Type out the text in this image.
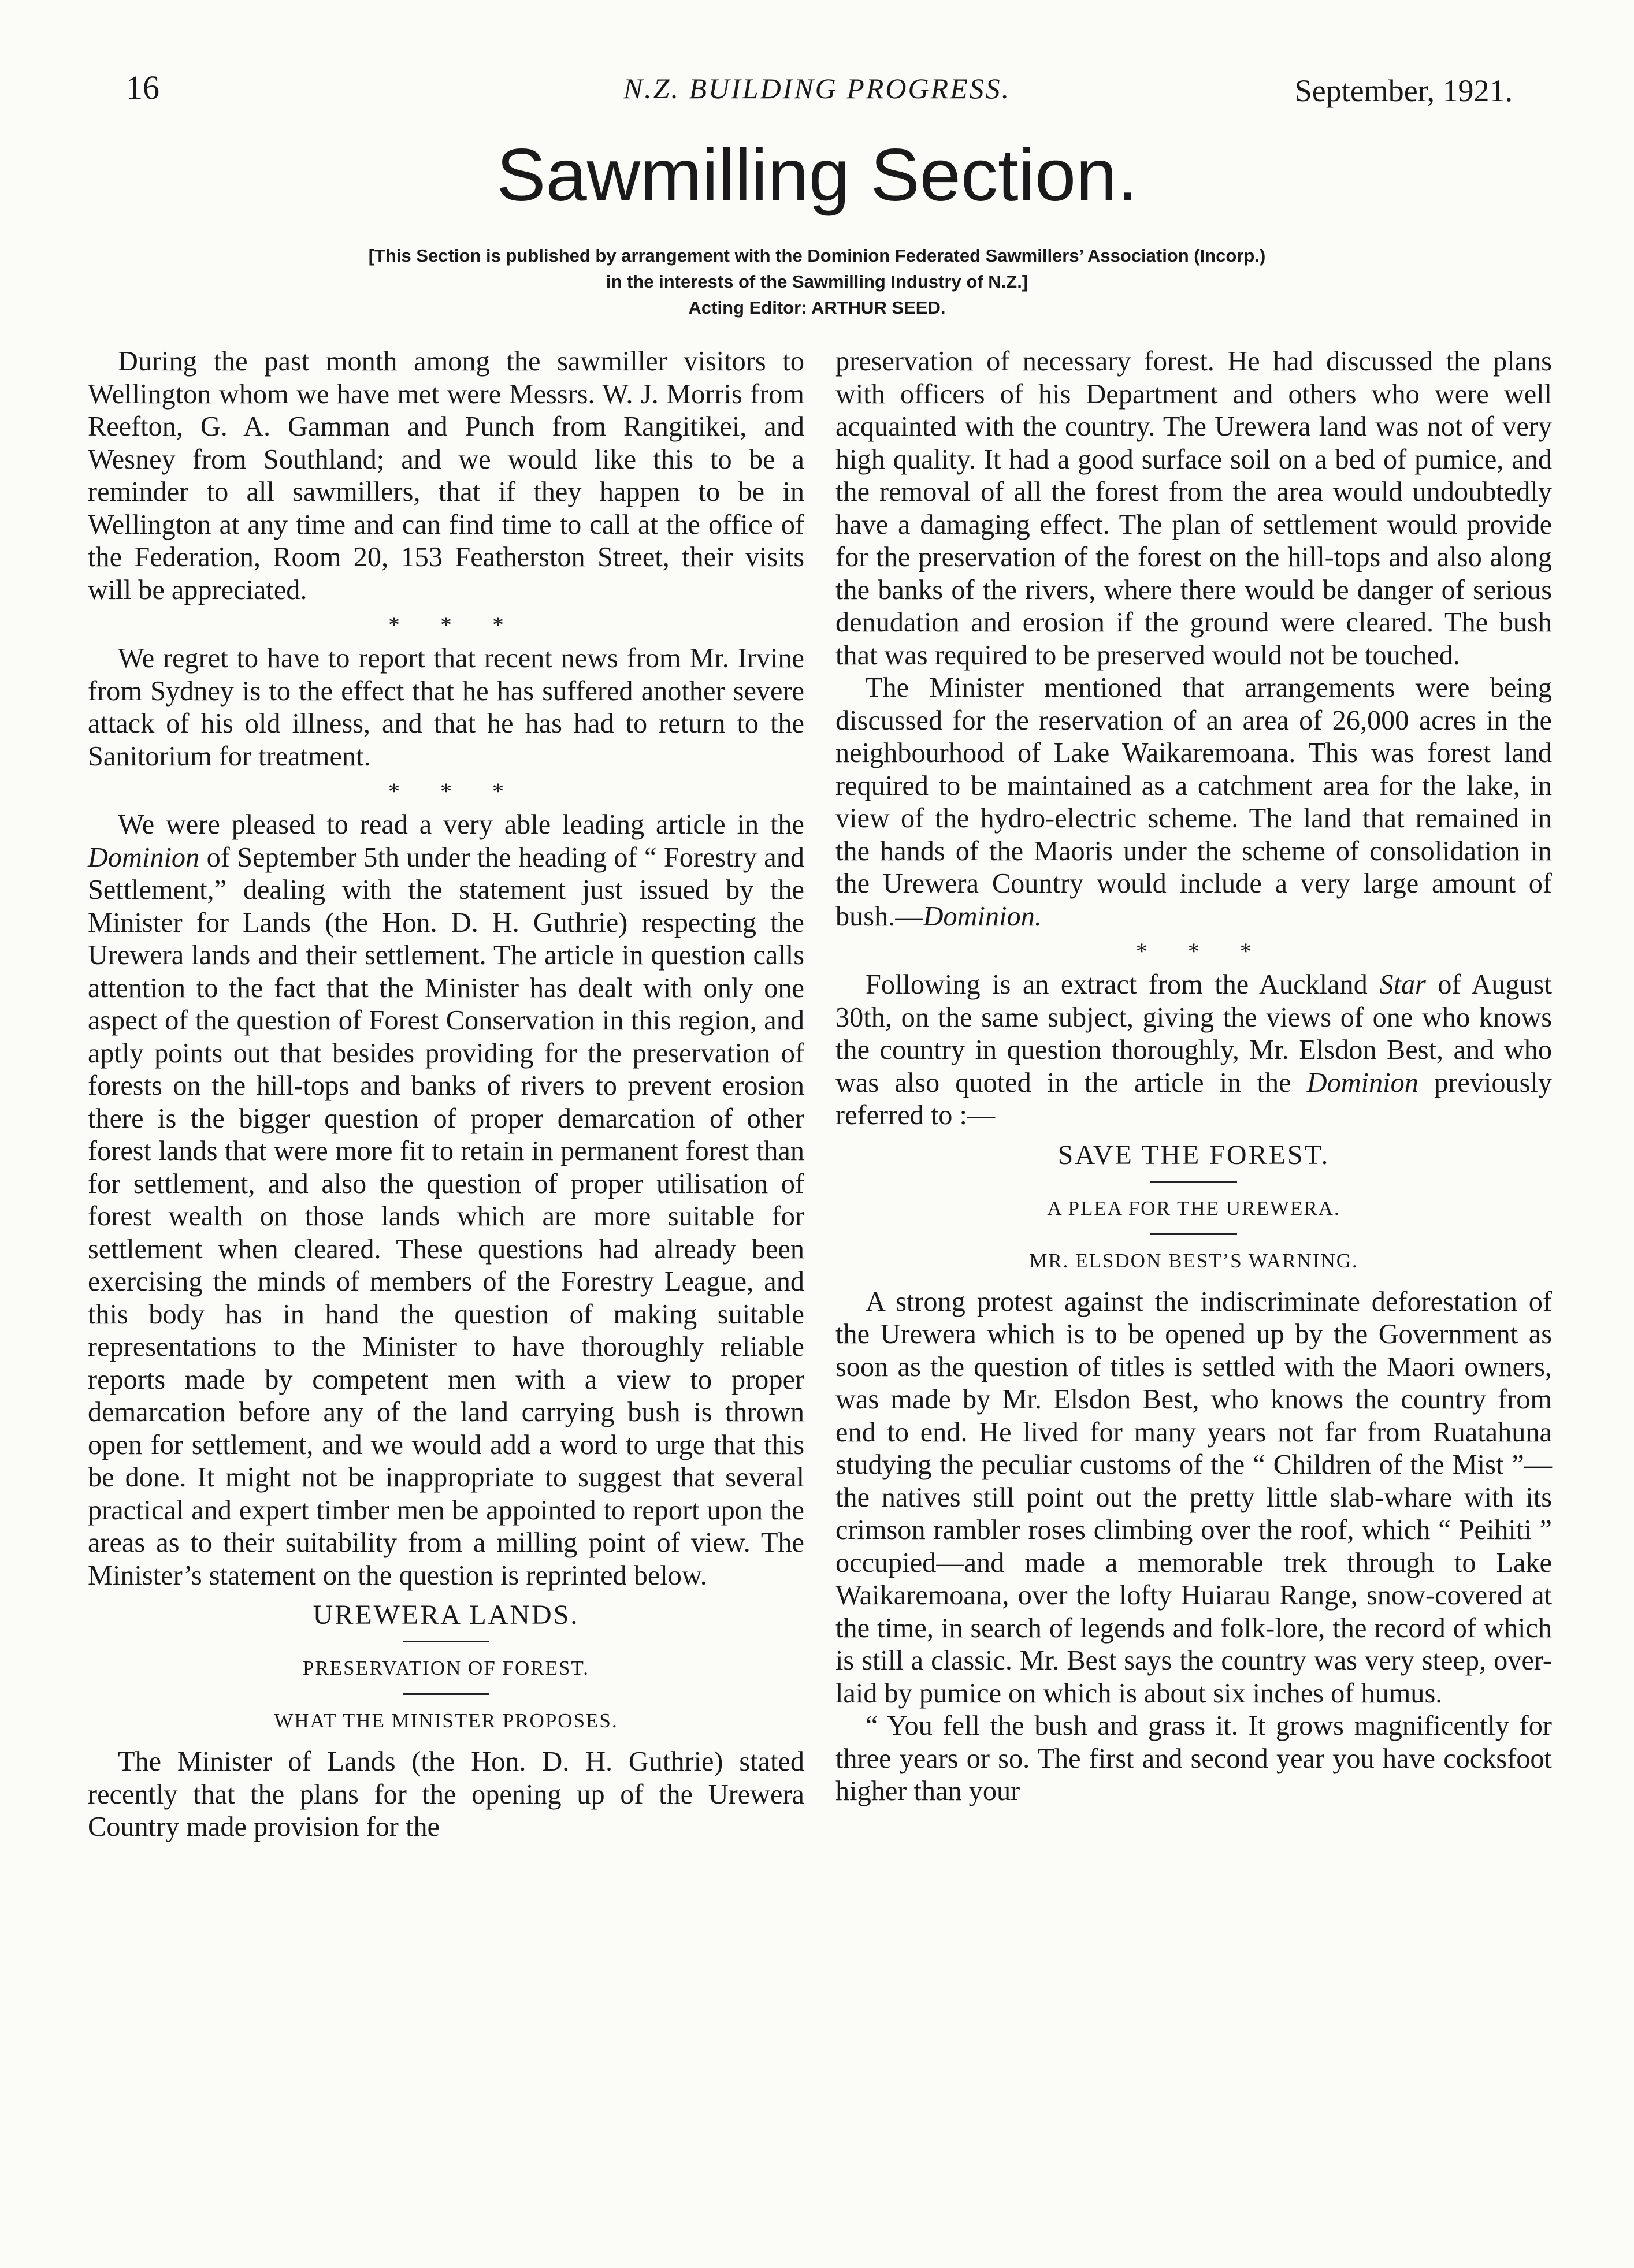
16	N.Z. BUILDING PROGRESS.	September, 1921.
Sawmilling Section.
[This Section is published by arrangement with the Dominion Federated Sawmillers’ Association (Incorp.)
in the interests of the Sawmilling Industry of N.Z.]
Acting Editor: ARTHUR SEED.

During the past month among the sawmiller visitors to Wellington whom we have met were Messrs. W. J. Morris from Reefton, G. A. Gamman and Punch from Rangitikei, and Wesney from Southland; and we would like this to be a reminder to all sawmillers, that if they happen to be in Wellington at any time and can find time to call at the office of the Federation, Room 20, 153 Featherston Street, their visits will be appreciated.

* * *

We regret to have to report that recent news from Mr. Irvine from Sydney is to the effect that he has suffered another severe attack of his old illness, and that he has had to return to the Sanitorium for treatment.

* * *

We were pleased to read a very able leading article in the Dominion of September 5th under the heading of “ Forestry and Settlement,” dealing with the statement just issued by the Minister for Lands (the Hon. D. H. Guthrie) respecting the Urewera lands and their settlement. The article in question calls attention to the fact that the Minister has dealt with only one aspect of the question of Forest Conservation in this region, and aptly points out that besides providing for the preservation of forests on the hill-tops and banks of rivers to prevent erosion there is the bigger question of proper demarcation of other forest lands that were more fit to retain in permanent forest than for settlement, and also the question of proper utilisation of forest wealth on those lands which are more suitable for settlement when cleared. These questions had already been exercising the minds of members of the Forestry League, and this body has in hand the question of making suitable representations to the Minister to have thoroughly reliable reports made by competent men with a view to proper demarcation before any of the land carrying bush is thrown open for settlement, and we would add a word to urge that this be done. It might not be inappropriate to suggest that several practical and expert timber men be appointed to report upon the areas as to their suitability from a milling point of view. The Minister’s statement on the question is reprinted below.

UREWERA LANDS.
PRESERVATION OF FOREST.
WHAT THE MINISTER PROPOSES.

The Minister of Lands (the Hon. D. H. Guthrie) stated recently that the plans for the opening up of the Urewera Country made provision for the

preservation of necessary forest. He had discussed the plans with officers of his Department and others who were well acquainted with the country. The Urewera land was not of very high quality. It had a good surface soil on a bed of pumice, and the removal of all the forest from the area would undoubtedly have a damaging effect. The plan of settlement would provide for the preservation of the forest on the hill-tops and also along the banks of the rivers, where there would be danger of serious denudation and erosion if the ground were cleared. The bush that was required to be preserved would not be touched.

The Minister mentioned that arrangements were being discussed for the reservation of an area of 26,000 acres in the neighbourhood of Lake Waikaremoana. This was forest land required to be maintained as a catchment area for the lake, in view of the hydro-electric scheme. The land that remained in the hands of the Maoris under the scheme of consolidation in the Urewera Country would include a very large amount of bush.—Dominion.

* * *

Following is an extract from the Auckland Star of August 30th, on the same subject, giving the views of one who knows the country in question thoroughly, Mr. Elsdon Best, and who was also quoted in the article in the Dominion previously referred to :—

SAVE THE FOREST.
A PLEA FOR THE UREWERA.
MR. ELSDON BEST’S WARNING.

A strong protest against the indiscriminate deforestation of the Urewera which is to be opened up by the Government as soon as the question of titles is settled with the Maori owners, was made by Mr. Elsdon Best, who knows the country from end to end. He lived for many years not far from Ruatahuna studying the peculiar customs of the “ Children of the Mist ”—the natives still point out the pretty little slab-whare with its crimson rambler roses climbing over the roof, which “ Peihiti ” occupied—and made a memorable trek through to Lake Waikaremoana, over the lofty Huiarau Range, snow-covered at the time, in search of legends and folk-lore, the record of which is still a classic. Mr. Best says the country was very steep, over-laid by pumice on which is about six inches of humus.

“ You fell the bush and grass it. It grows magnificently for three years or so. The first and second year you have cocksfoot higher than your
